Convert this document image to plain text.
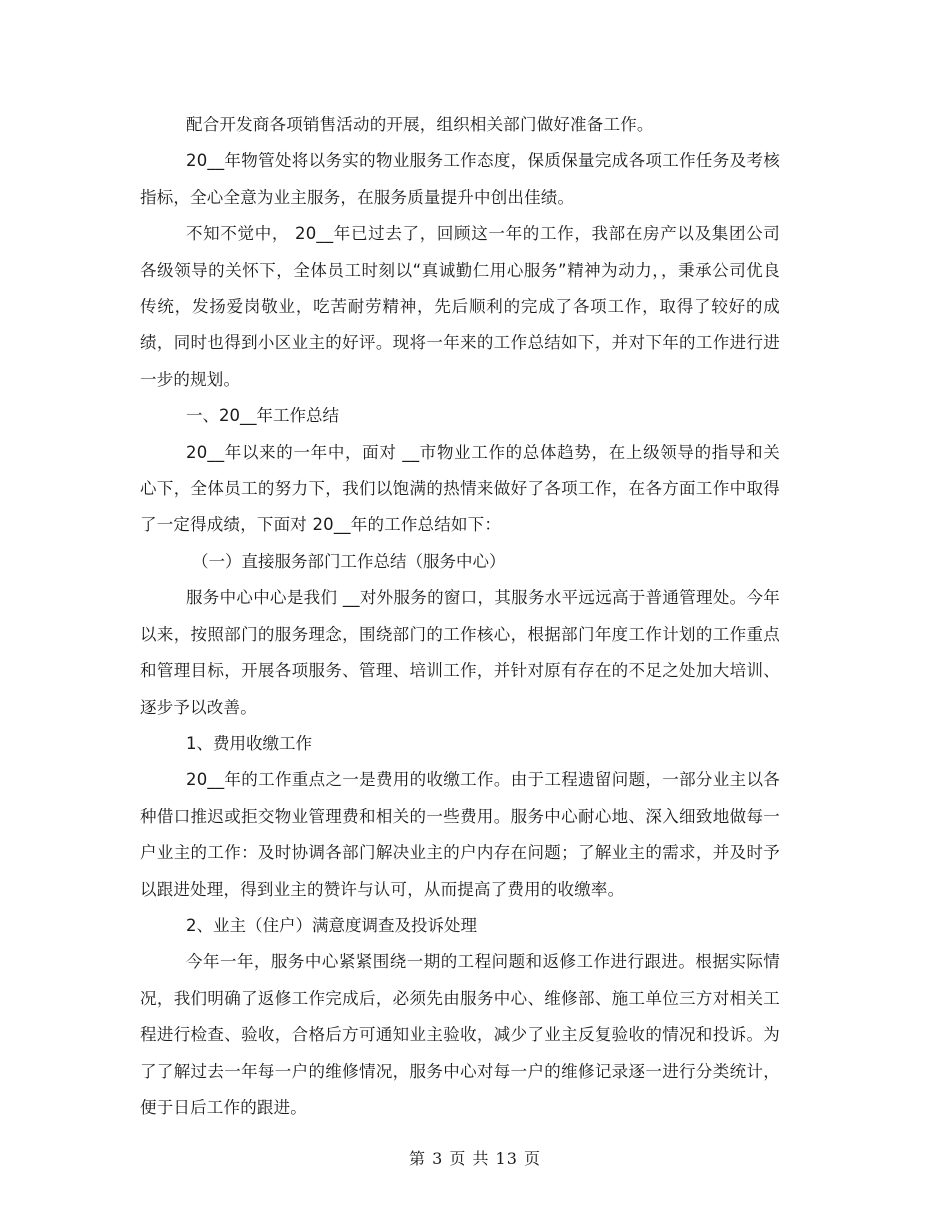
配合开发商各项销售活动的开展，组织相关部门做好准备工作。

20__年物管处将以务实的物业服务工作态度，保质保量完成各项工作任务及考核指标，全心全意为业主服务，在服务质量提升中创出佳绩。

不知不觉中， 20__年已过去了，回顾这一年的工作，我部在房产以及集团公司各级领导的关怀下，全体员工时刻以“真诚勤仁用心服务”精神为动力，，秉承公司优良传统，发扬爱岗敬业，吃苦耐劳精神，先后顺利的完成了各项工作，取得了较好的成绩，同时也得到小区业主的好评。现将一年来的工作总结如下，并对下年的工作进行进一步的规划。

一、20__年工作总结

20__年以来的一年中，面对 __市物业工作的总体趋势，在上级领导的指导和关心下，全体员工的努力下，我们以饱满的热情来做好了各项工作，在各方面工作中取得了一定得成绩，下面对 20__年的工作总结如下：

（一）直接服务部门工作总结（服务中心）

服务中心中心是我们 __对外服务的窗口，其服务水平远远高于普通管理处。今年以来，按照部门的服务理念，围绕部门的工作核心，根据部门年度工作计划的工作重点和管理目标，开展各项服务、管理、培训工作，并针对原有存在的不足之处加大培训、逐步予以改善。

1、费用收缴工作

20__年的工作重点之一是费用的收缴工作。由于工程遗留问题，一部分业主以各种借口推迟或拒交物业管理费和相关的一些费用。服务中心耐心地、深入细致地做每一户业主的工作：及时协调各部门解决业主的户内存在问题；了解业主的需求，并及时予以跟进处理，得到业主的赞许与认可，从而提高了费用的收缴率。

2、业主（住户）满意度调查及投诉处理

今年一年，服务中心紧紧围绕一期的工程问题和返修工作进行跟进。根据实际情况，我们明确了返修工作完成后，必须先由服务中心、维修部、施工单位三方对相关工程进行检查、验收，合格后方可通知业主验收，减少了业主反复验收的情况和投诉。为了了解过去一年每一户的维修情况，服务中心对每一户的维修记录逐一进行分类统计，便于日后工作的跟进。

第 3 页 共 13 页
